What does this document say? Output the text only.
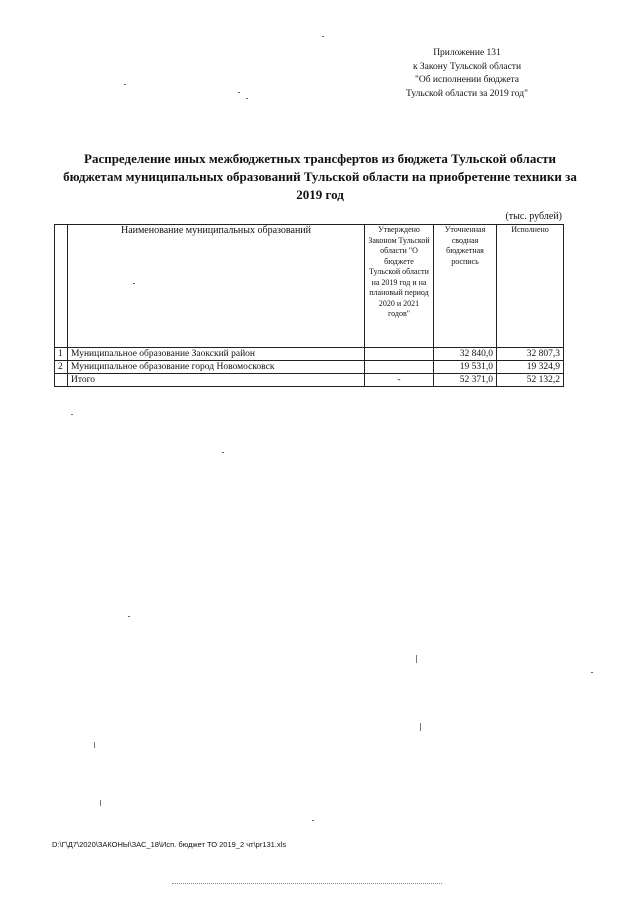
Приложение 131
к Закону Тульской области
"Об исполнении бюджета
Тульской области за 2019 год"
Распределение иных межбюджетных трансфертов из бюджета Тульской области бюджетам муниципальных образований Тульской области на приобретение техники за 2019 год
(тыс. рублей)
	Наименование муниципальных образований	Утверждено Законом Тульской области "О бюджете Тульской области на 2019 год и на плановый период 2020 и 2021 годов"	Уточненная сводная бюджетная роспись	Исполнено
1	Муниципальное образование Заокский район		32 840,0	32 807,3
2	Муниципальное образование город Новомосковск		19 531,0	19 324,9
	Итого	-	52 371,0	52 132,2
D:\Г\Д7\2020\ЗАКОНЫ\ЗАС_18\Исп. бюджет ТО 2019_2 чт\pr131.xls
